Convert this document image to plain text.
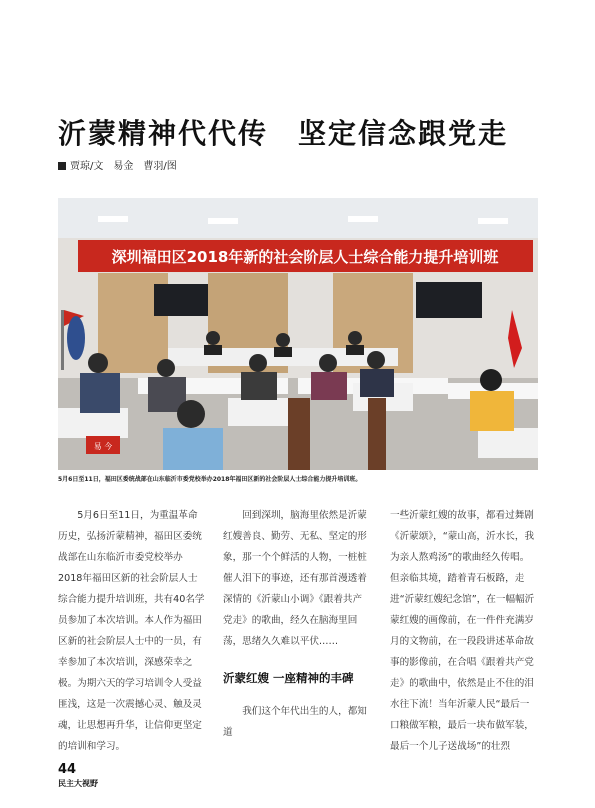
沂蒙精神代代传　坚定信念跟党走
贾琼/文　易金　曹羽/图
深圳福田区2018年新的社会阶层人士综合能力提升培训班
易 今
5月6日至11日，福田区委统战部在山东临沂市委党校举办2018年福田区新的社会阶层人士综合能力提升培训班。

5月6日至11日，为重温革命历史，弘扬沂蒙精神，福田区委统战部在山东临沂市委党校举办2018年福田区新的社会阶层人士综合能力提升培训班，共有40名学员参加了本次培训。本人作为福田区新的社会阶层人士中的一员，有幸参加了本次培训，深感荣幸之极。为期六天的学习培训令人受益匪浅，这是一次震撼心灵、触及灵魂，让思想再升华，让信仰更坚定的培训和学习。

回到深圳，脑海里依然是沂蒙红嫂善良、勤劳、无私、坚定的形象，那一个个鲜活的人物，一桩桩催人泪下的事迹，还有那首漫透着深情的《沂蒙山小调》《跟着共产党走》的歌曲，经久在脑海里回荡，思绪久久难以平伏……

沂蒙红嫂 一座精神的丰碑

我们这个年代出生的人，都知道

一些沂蒙红嫂的故事，都看过舞剧《沂蒙颂》，“蒙山高，沂水长，我为亲人熬鸡汤”的歌曲经久传唱。但亲临其境，踏着青石板路，走进“沂蒙红嫂纪念馆”，在一幅幅沂蒙红嫂的画像前，在一件件充满岁月的文物前，在一段段讲述革命故事的影像前，在合唱《跟着共产党走》的歌曲中，依然是止不住的泪水往下流！当年沂蒙人民“最后一口粮做军粮，最后一块布做军装，最后一个儿子送战场”的壮烈

44
民主大视野
